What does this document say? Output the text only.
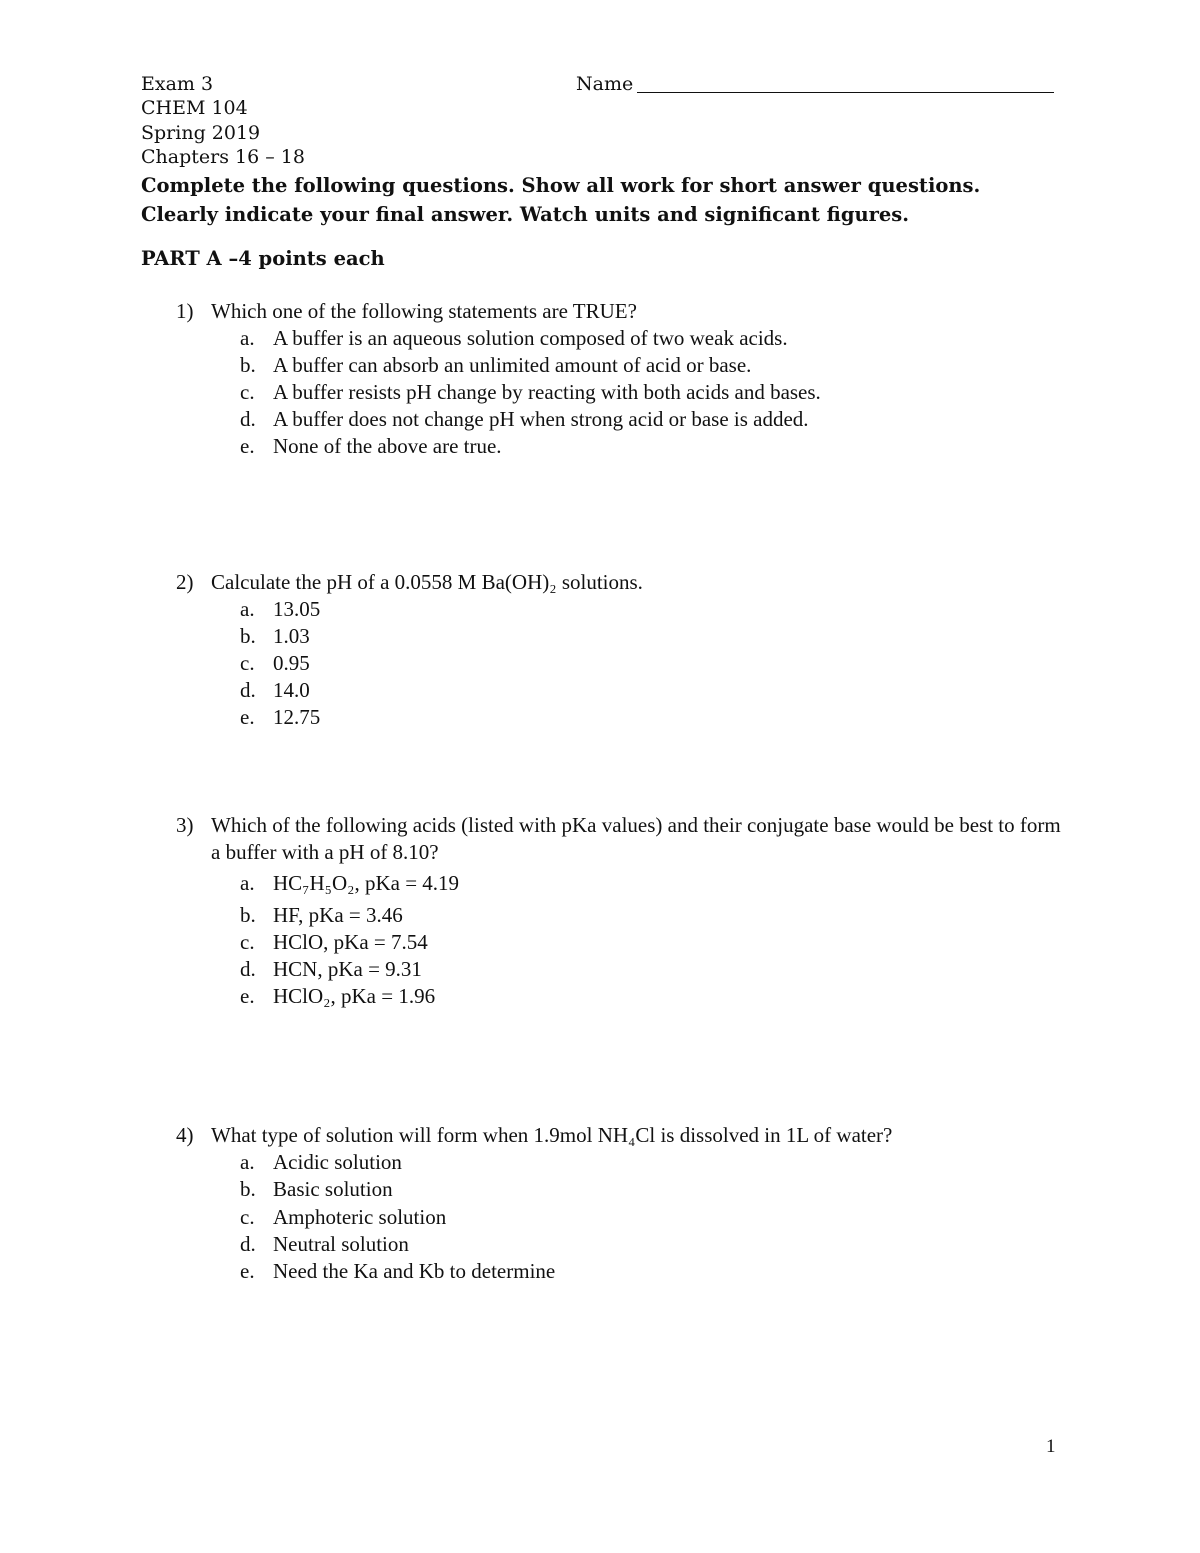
Exam 3
CHEM 104
Spring 2019
Chapters 16 – 18
Name
Complete the following questions. Show all work for short answer questions. Clearly indicate your final answer. Watch units and significant figures.
PART A –4 points each
1) Which one of the following statements are TRUE?
a. A buffer is an aqueous solution composed of two weak acids.
b. A buffer can absorb an unlimited amount of acid or base.
c. A buffer resists pH change by reacting with both acids and bases.
d. A buffer does not change pH when strong acid or base is added.
e. None of the above are true.
2) Calculate the pH of a 0.0558 M Ba(OH)₂ solutions.
a. 13.05
b. 1.03
c. 0.95
d. 14.0
e. 12.75
3) Which of the following acids (listed with pKa values) and their conjugate base would be best to form a buffer with a pH of 8.10?
a. HC₇H₅O₂, pKa = 4.19
b. HF, pKa = 3.46
c. HClO, pKa = 7.54
d. HCN, pKa = 9.31
e. HClO₂, pKa = 1.96
4) What type of solution will form when 1.9mol NH₄Cl is dissolved in 1L of water?
a. Acidic solution
b. Basic solution
c. Amphoteric solution
d. Neutral solution
e. Need the Ka and Kb to determine
1
